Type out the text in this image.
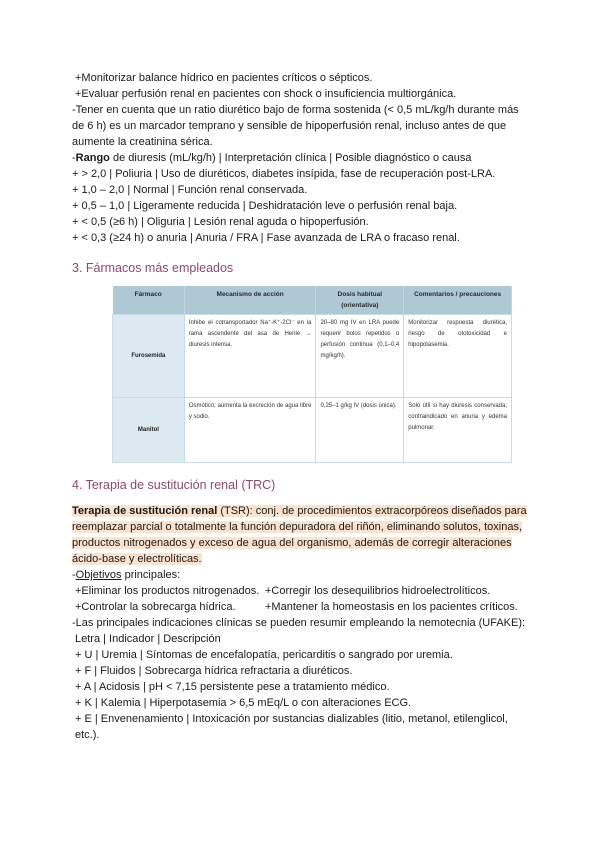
+Monitorizar balance hídrico en pacientes críticos o sépticos.
+Evaluar perfusión renal en pacientes con shock o insuficiencia multiorgánica.
-Tener en cuenta que un ratio diurético bajo de forma sostenida (< 0,5 mL/kg/h durante más de 6 h) es un marcador temprano y sensible de hipoperfusión renal, incluso antes de que aumente la creatinina sérica.
-Rango de diuresis (mL/kg/h) | Interpretación clínica | Posible diagnóstico o causa
+ > 2,0 | Poliuria | Uso de diuréticos, diabetes insípida, fase de recuperación post-LRA.
+ 1,0 – 2,0 | Normal | Función renal conservada.
+ 0,5 – 1,0 | Ligeramente reducida | Deshidratación leve o perfusión renal baja.
+ < 0,5 (≥6 h) | Oliguria | Lesión renal aguda o hipoperfusión.
+ < 0,3 (≥24 h) o anuria | Anuria / FRA | Fase avanzada de LRA o fracaso renal.
3. Fármacos más empleados
Fármaco	Mecanismo de acción	Dosis habitual (orientativa)	Comentarios / precauciones
Furosemida	Inhibe el cotransportador Na⁺-K⁺-2Cl⁻ en la rama ascendente del asa de Henle → diuresis intensa.	20–80 mg IV en LRA puede requerir bolos repetidos o perfusión continua (0,1–0,4 mg/kg/h).	Monitorizar respuesta diurética, riesgo de ototoxicidad e hipopotasemia.
Manitol	Osmótico; aumenta la excreción de agua libre y sodio.	0,25–1 g/kg IV (dosis única).	Solo útil si hay diuresis conservada; contraindicado en anuria y edema pulmonar.
4. Terapia de sustitución renal (TRC)
Terapia de sustitución renal (TSR): conj. de procedimientos extracorpóreos diseñados para reemplazar parcial o totalmente la función depuradora del riñón, eliminando solutos, toxinas, productos nitrogenados y exceso de agua del organismo, además de corregir alteraciones ácido-base y electrolíticas.
-Objetivos principales:
+Eliminar los productos nitrogenados. +Corregir los desequilibrios hidroelectrolíticos.
+Controlar la sobrecarga hídrica.	+Mantener la homeostasis en los pacientes críticos.
-Las principales indicaciones clínicas se pueden resumir empleando la nemotecnia (UFAKE):
Letra | Indicador | Descripción
+ U | Uremia | Síntomas de encefalopatía, pericarditis o sangrado por uremia.
+ F | Fluidos | Sobrecarga hídrica refractaria a diuréticos.
+ A | Acidosis | pH < 7,15 persistente pese a tratamiento médico.
+ K | Kalemia | Hiperpotasemia > 6,5 mEq/L o con alteraciones ECG.
+ E | Envenenamiento | Intoxicación por sustancias dializables (litio, metanol, etilenglicol, etc.).
